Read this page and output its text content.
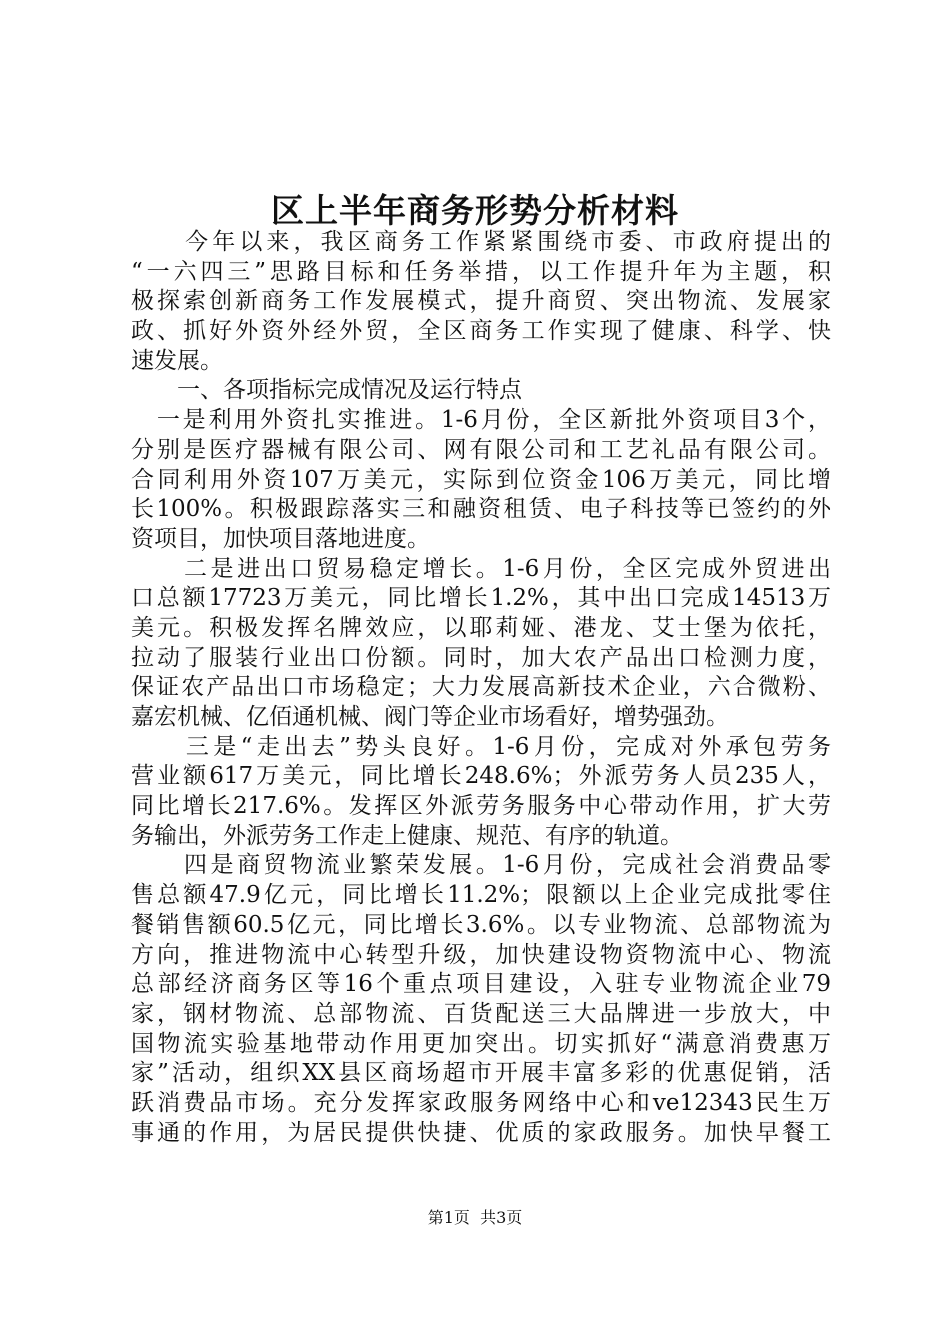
区上半年商务形势分析材料
　　今年以来，我区商务工作紧紧围绕市委、市政府提出的
“一六四三”思路目标和任务举措，以工作提升年为主题，积
极探索创新商务工作发展模式，提升商贸、突出物流、发展家
政、抓好外资外经外贸，全区商务工作实现了健康、科学、快
速发展。
　　一、各项指标完成情况及运行特点
　一是利用外资扎实推进。1-6月份，全区新批外资项目3个，
分别是医疗器械有限公司、网有限公司和工艺礼品有限公司。
合同利用外资107万美元，实际到位资金106万美元，同比增
长100%。积极跟踪落实三和融资租赁、电子科技等已签约的外
资项目，加快项目落地进度。
　　二是进出口贸易稳定增长。1-6月份，全区完成外贸进出
口总额17723万美元，同比增长1.2%，其中出口完成14513万
美元。积极发挥名牌效应，以耶莉娅、港龙、艾士堡为依托，
拉动了服装行业出口份额。同时，加大农产品出口检测力度，
保证农产品出口市场稳定；大力发展高新技术企业，六合微粉、
嘉宏机械、亿佰通机械、阀门等企业市场看好，增势强劲。
　　三是“走出去”势头良好。1-6月份，完成对外承包劳务
营业额617万美元，同比增长248.6%；外派劳务人员235人，
同比增长217.6%。发挥区外派劳务服务中心带动作用，扩大劳
务输出，外派劳务工作走上健康、规范、有序的轨道。
　　四是商贸物流业繁荣发展。1-6月份，完成社会消费品零
售总额47.9亿元，同比增长11.2%；限额以上企业完成批零住
餐销售额60.5亿元，同比增长3.6%。以专业物流、总部物流为
方向，推进物流中心转型升级，加快建设物资物流中心、物流
总部经济商务区等16个重点项目建设，入驻专业物流企业79
家，钢材物流、总部物流、百货配送三大品牌进一步放大，中
国物流实验基地带动作用更加突出。切实抓好“满意消费惠万
家”活动，组织XX县区商场超市开展丰富多彩的优惠促销，活
跃消费品市场。充分发挥家政服务网络中心和ve12343民生万
事通的作用，为居民提供快捷、优质的家政服务。加快早餐工
第1页  共3页
